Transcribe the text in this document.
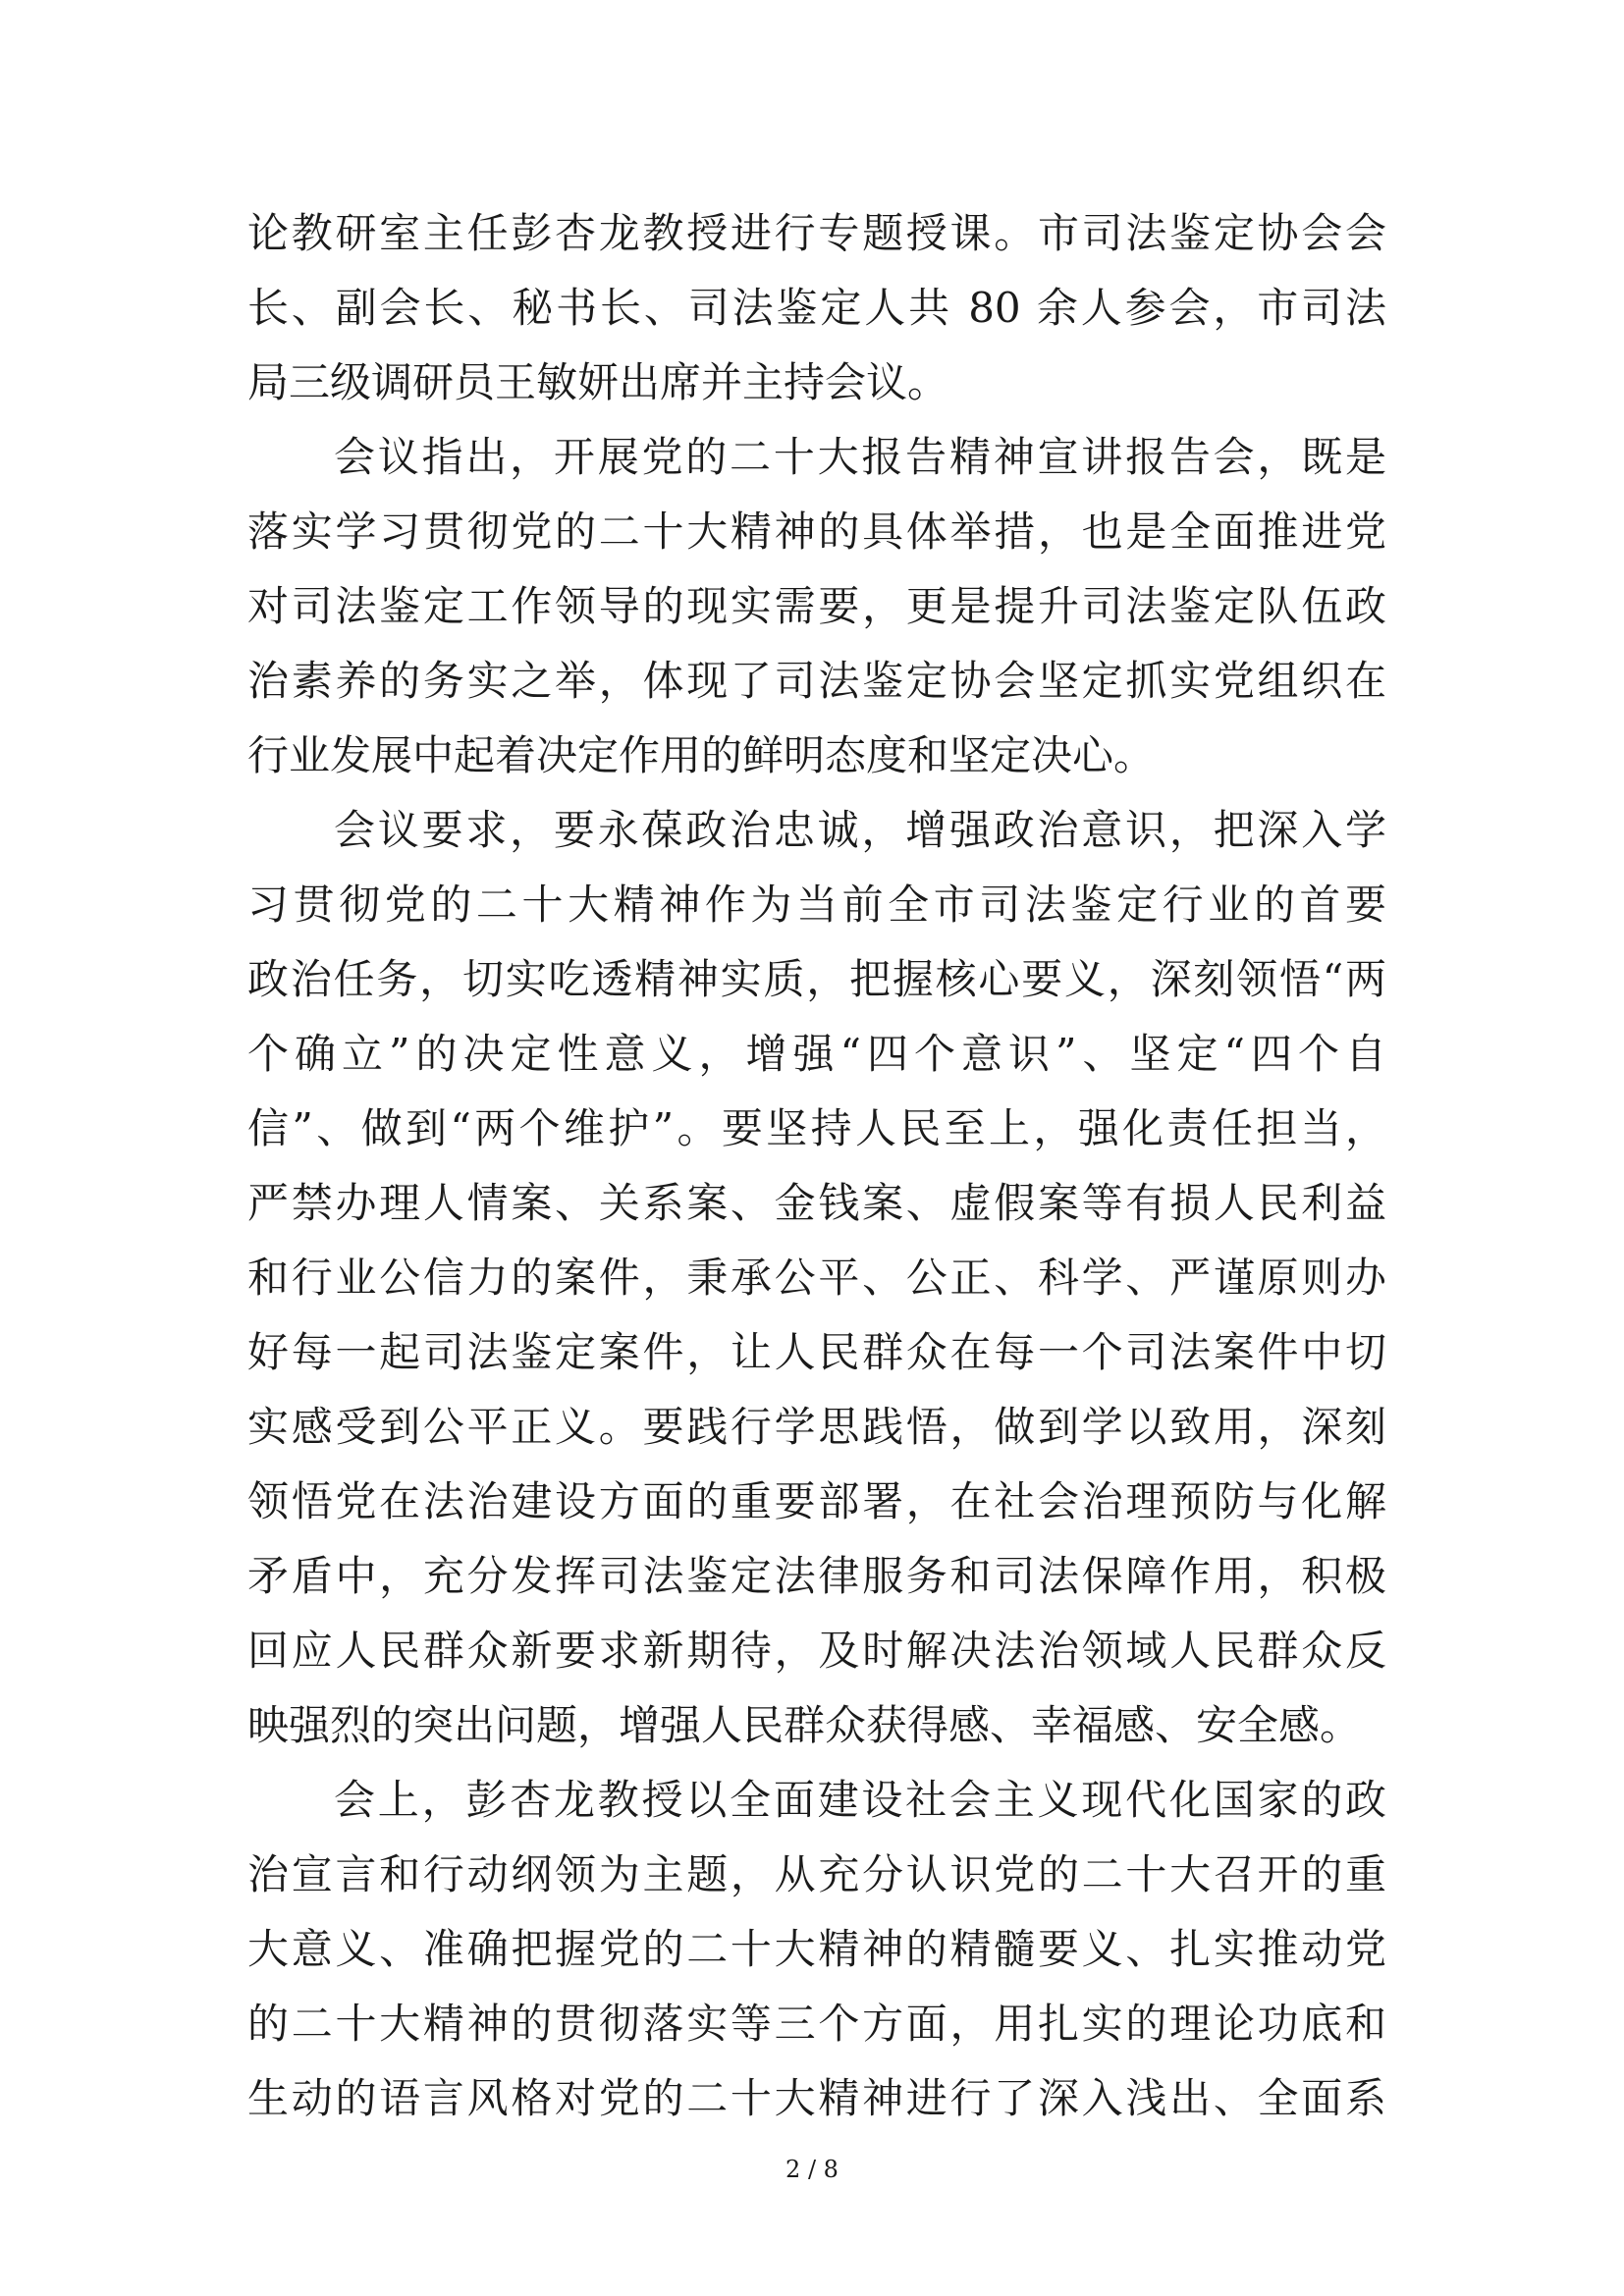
论教研室主任彭杏龙教授进行专题授课。市司法鉴定协会会
长、副会长、秘书长、司法鉴定人共 80 余人参会，市司法
局三级调研员王敏妍出席并主持会议。
会议指出，开展党的二十大报告精神宣讲报告会，既是
落实学习贯彻党的二十大精神的具体举措，也是全面推进党
对司法鉴定工作领导的现实需要，更是提升司法鉴定队伍政
治素养的务实之举，体现了司法鉴定协会坚定抓实党组织在
行业发展中起着决定作用的鲜明态度和坚定决心。
会议要求，要永葆政治忠诚，增强政治意识，把深入学
习贯彻党的二十大精神作为当前全市司法鉴定行业的首要
政治任务，切实吃透精神实质，把握核心要义，深刻领悟“两
个确立”的决定性意义，增强“四个意识”、坚定“四个自
信”、做到“两个维护”。要坚持人民至上，强化责任担当，
严禁办理人情案、关系案、金钱案、虚假案等有损人民利益
和行业公信力的案件，秉承公平、公正、科学、严谨原则办
好每一起司法鉴定案件，让人民群众在每一个司法案件中切
实感受到公平正义。要践行学思践悟，做到学以致用，深刻
领悟党在法治建设方面的重要部署，在社会治理预防与化解
矛盾中，充分发挥司法鉴定法律服务和司法保障作用，积极
回应人民群众新要求新期待，及时解决法治领域人民群众反
映强烈的突出问题，增强人民群众获得感、幸福感、安全感。
会上，彭杏龙教授以全面建设社会主义现代化国家的政
治宣言和行动纲领为主题，从充分认识党的二十大召开的重
大意义、准确把握党的二十大精神的精髓要义、扎实推动党
的二十大精神的贯彻落实等三个方面，用扎实的理论功底和
生动的语言风格对党的二十大精神进行了深入浅出、全面系
2 / 8
